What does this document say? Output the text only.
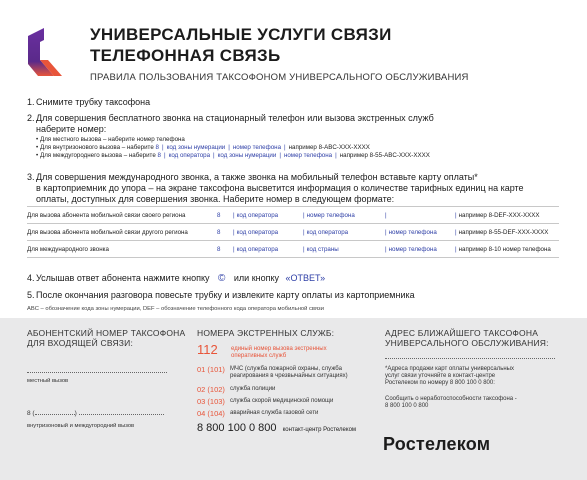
УНИВЕРСАЛЬНЫЕ УСЛУГИ СВЯЗИ
ТЕЛЕФОННАЯ СВЯЗЬ
ПРАВИЛА ПОЛЬЗОВАНИЯ ТАКСОФОНОМ УНИВЕРСАЛЬНОГО ОБСЛУЖИВАНИЯ
1.Снимите трубку таксофона
2.Для совершения бесплатного звонка на стационарный телефон или вызова экстренных служб
наберите номер:
• Для местного вызова – наберите номер телефона
• Для внутризонового вызова – наберите 8 | код зоны нумерации | номер телефона | например 8-ABC-XXX-XXXX
• Для междугороднего вызова – наберите 8 | код оператора | код зоны нумерации | номер телефона | например 8-55-ABC-XXX-XXXX
3.Для совершения международного звонка, а также звонка на мобильный телефон вставьте карту оплаты*
в картоприемник до упора – на экране таксофона высветится информация о количестве тарифных единиц на карте
оплаты, доступных для совершения звонка. Наберите номер в следующем формате:
Для вызова абонента мобильной связи своего региона	8	| код оператора	| номер телефона	|	| например 8-DEF-XXX-XXXX
Для вызова абонента мобильной связи другого региона	8	| код оператора	| код оператора	| номер телефона	| например 8-55-DEF-XXX-XXXX
Для международного звонка	8	| код оператора	| код страны	| номер телефона	| например 8-10 номер телефона
4.Услышав ответ абонента нажмите кнопку © или кнопку «ОТВЕТ»
5.После окончания разговора повесьте трубку и извлеките карту оплаты из картоприемника
ABC – обозначение кода зоны нумерации, DEF – обозначение телефонного кода оператора мобильной связи
АБОНЕНТСКИЙ НОМЕР ТАКСОФОНА
ДЛЯ ВХОДЯЩЕЙ СВЯЗИ:
местный вызов
8 (	)
внутризоновый и междугородний вызов
НОМЕРА ЭКСТРЕННЫХ СЛУЖБ:
112 единый номер вызова экстренных
оперативных служб
01 (101) МЧС (служба пожарной охраны, служба
реагирования в чрезвычайных ситуациях)
02 (102) служба полиции
03 (103) служба скорой медицинской помощи
04 (104) аварийная служба газовой сети
8 800 100 0 800 контакт-центр Ростелеком
АДРЕС БЛИЖАЙШЕГО ТАКСОФОНА
УНИВЕРСАЛЬНОГО ОБСЛУЖИВАНИЯ:
*Адреса продажи карт оплаты универсальных
услуг связи уточняйте в контакт-центре
Ростелеком по номеру 8 800 100 0 800:
Сообщить о неработоспособности таксофона -
8 800 100 0 800
Ростелеком
